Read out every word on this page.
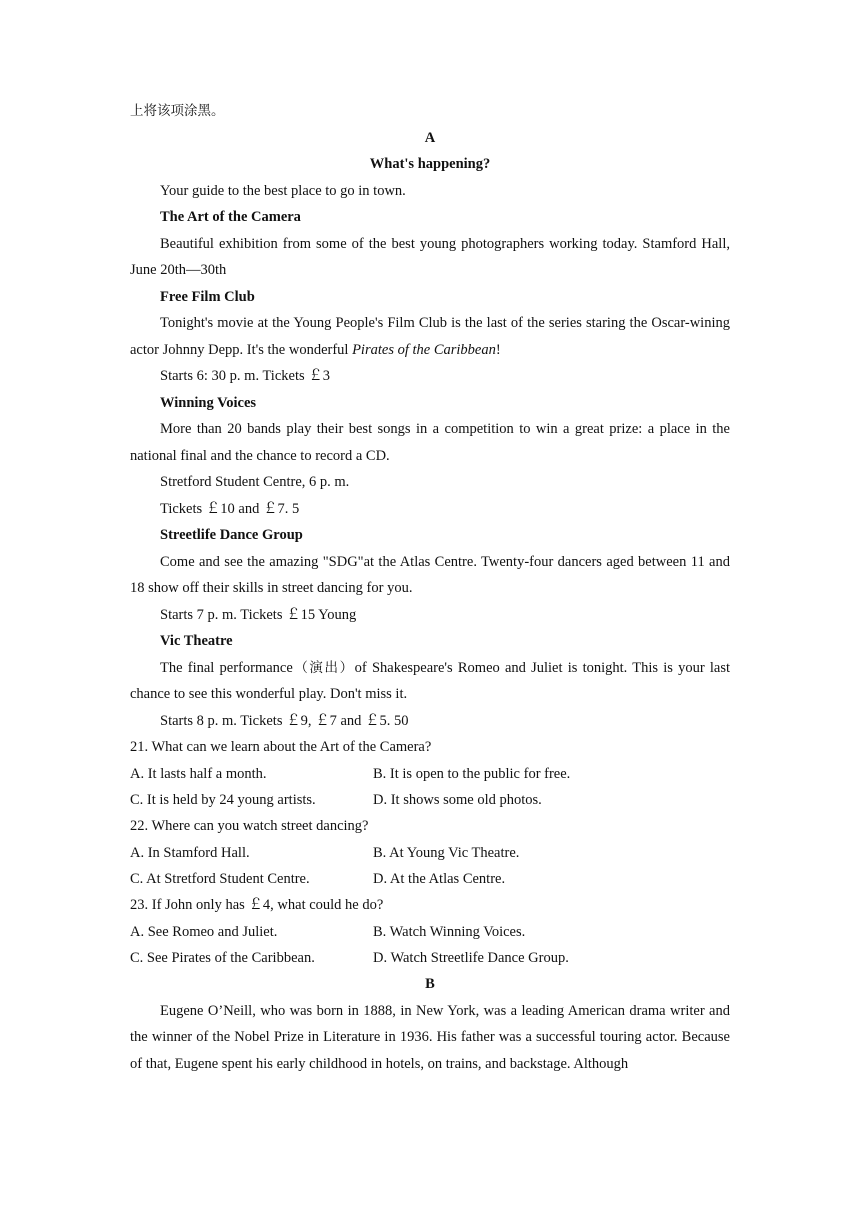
上将该项涂黑。

A

What's happening?

Your guide to the best place to go in town.

The Art of the Camera

Beautiful exhibition from some of the best young photographers working today. Stamford Hall, June 20th—30th

Free Film Club

Tonight's movie at the Young People's Film Club is the last of the series staring the Oscar-wining actor Johnny Depp. It's the wonderful Pirates of the Caribbean!

Starts 6: 30 p. m. Tickets ￡3

Winning Voices

More than 20 bands play their best songs in a competition to win a great prize: a place in the national final and the chance to record a CD.

Stretford Student Centre, 6 p. m.

Tickets ￡10 and ￡7. 5

Streetlife Dance Group

Come and see the amazing "SDG"at the Atlas Centre. Twenty-four dancers aged between 11 and 18 show off their skills in street dancing for you.

Starts 7 p. m. Tickets ￡15 Young

Vic Theatre

The final performance（演出）of Shakespeare's Romeo and Juliet is tonight. This is your last chance to see this wonderful play. Don't miss it.

Starts 8 p. m. Tickets ￡9, ￡7 and ￡5. 50

21. What can we learn about the Art of the Camera?

A. It lasts half a month.	B. It is open to the public for free.
C. It is held by 24 young artists.	D. It shows some old photos.

22. Where can you watch street dancing?

A. In Stamford Hall.	B. At Young Vic Theatre.
C. At Stretford Student Centre.	D. At the Atlas Centre.

23. If John only has ￡4, what could he do?

A. See Romeo and Juliet.	B. Watch Winning Voices.
C. See Pirates of the Caribbean.	D. Watch Streetlife Dance Group.

B

Eugene O’Neill, who was born in 1888, in New York, was a leading American drama writer and the winner of the Nobel Prize in Literature in 1936. His father was a successful touring actor. Because of that, Eugene spent his early childhood in hotels, on trains, and backstage. Although
